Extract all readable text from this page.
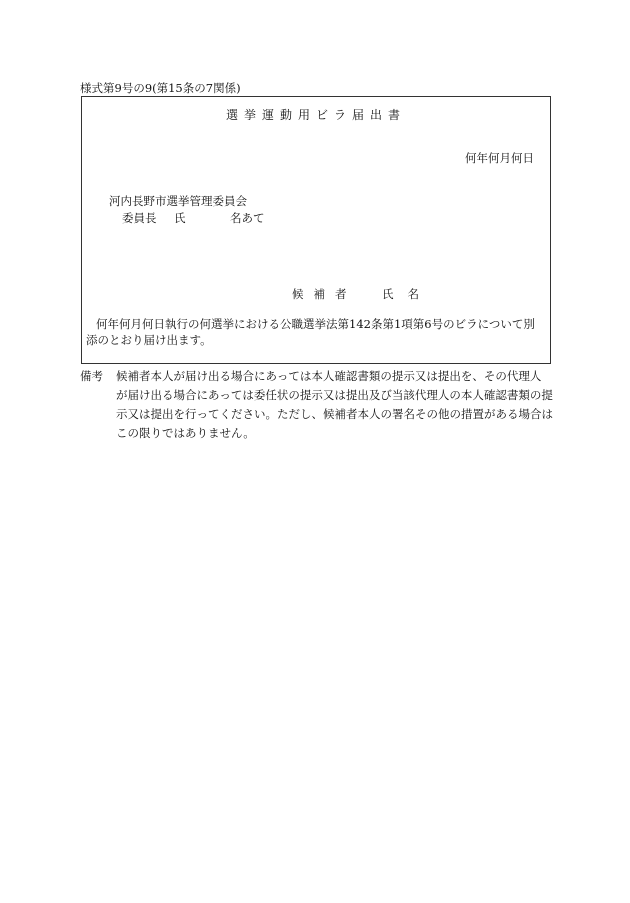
様式第9号の9(第15条の7関係)
選挙運動用ビラ届出書
何年何月何日
河内長野市選挙管理委員会
委員長 氏	名あて
候補者 氏名
何年何月何日執行の何選挙における公職選挙法第142条第1項第6号のビラについて別添のとおり届け出ます。
備考 候補者本人が届け出る場合にあっては本人確認書類の提示又は提出を、その代理人
が届け出る場合にあっては委任状の提示又は提出及び当該代理人の本人確認書類の提
示又は提出を行ってください。ただし、候補者本人の署名その他の措置がある場合は
この限りではありません。
